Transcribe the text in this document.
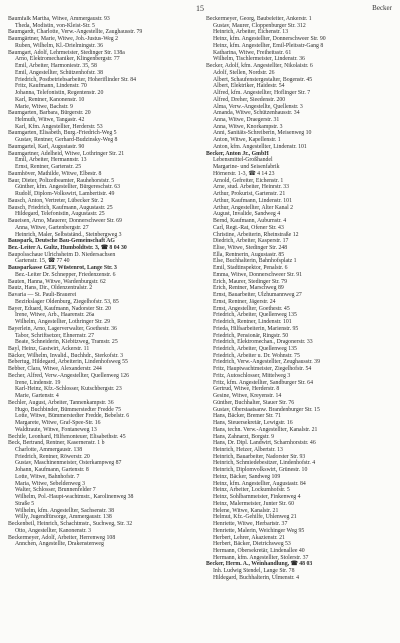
15	Becker
Baumfalk Martha, Witwe, Ammergaustr. 93
Theda, Modistin, von-Kleist-Str. 5
Baumgardt, Charlotte, Verw.-Angestellte, Zaughausstr. 79
Baumgärtner, Marie, Witwe, Joh.-Justus-Weg 2
Ruben, Wilhelm, Kl.-Drielmingstr. 36
Baumgart, Adolf, Lehrmeister, Stedinger Str. 138a
Arno, Elektromechaniker, Klingenbergstr. 77
Emil, Arbeiter, Harmoniestr. 35, 58
Emil, Angestellter, Schützenhofstr. 38
Friedrich, Postbetriebsarbeiter, Hoheriflinder Str. 84
Fritz, Kaufmann, Lindenstr. 70
Johanna, Telefonistin, Regentenstr. 20
Karl, Rentner, Kanonenstr. 10
Marie, Witwe, Bachstr. 9
Baumgarten, Barbara, Bürgerstr. 20
Helmuth, Witwe, Tangastr. 42
Karl, Kfm. Angestellter, Herderstr. 53
Baumgarten, Elisabeth, Burg.-Friedrich-Weg 5
Gustav, Rentner, Gerhard-Budzinsky-Weg 8
Baumgartel, Karl, Augustastr. 90
Baumgartner, Adelheid, Witwe, Lothringer Str. 21
Emil, Arbeiter, Hermannstr. 13
Ernst, Rentner, Gartenstr. 25
Baumhöver, Mathilde, Witwe, Elbestr. 8
Baur, Dieter, Polizeibeamter, Rauhehorststr. 5
Günther, kfm. Angestellter, Bürgereschstr. 63
Rudolf, Diplom-Volkswirt, Lambertistr. 49
Bausch, Anton, Vertreter, Lübecker Str. 2
Bausch, Friedrich, Kaufmann, Augustastr. 25
Hildegard, Telefonistin, Augustastr. 25
Baueisen, Arno, Mauerer, Donnerschweer Str. 69
Anna, Witwe, Gartenbergstr. 27
Heinrich, Maler, Selbstständ., Steinbergweg 3
Bauspark, Deutsche Bau-Gemeinschaft AG
Bez.-Leiter A. Gultz, Humboldtstr. 3, ☎ 8 04 30
Baupolsschaue Ulrichsheim D. Niedersachsen
Gartenstr. 15, ☎ 77 40
Bausparkasse GEF, Wüstenrot, Lange Str. 3
Bez.-Leiter Dr. Schnepper, Friedenzenstr. 6
Bauten, Hanna, Witwe, Wardenburgstr. 62
Bautz, Hans, Dir., Oldenzentralstr. 2
Bavaria — St. Pauli-Brauerei
Bezirkslager Oldenburg, Ziegelhofstr. 53, 85
Bayer, Eduard, Kaufmann, Nadorster Str. 20
Irene, Witwe, Arb., Haarenstr. 26a
Wilhelm, Angestellter, Lothringer Str. 29
Bayerlein, Arno, Lagerverwalter, Goethestr. 36
Tabor, Schriftsetzer, Ehnernstr. 27
Beate, Schneiderin, Kiebitzweg, Tramstr. 25
Bayl, Heinz, Gastwirt, Ackerstr. 11
Bäcker, Wilhelm, Invalid., Buchhdr., Sterkofstr. 3
Bebertug, Hildegard, Arbeiterin, Lindenhofsweg 55
Bebber, Clara, Witwe, Alexanderstr. 244
Becher, Alfred, Verw.-Angestellter, Quellenweg 126
Irene, Lindenstr. 19
Karl-Heinz, Kfz.-Schlosser, Kutschbergstr. 23
Marie, Gartenstr. 4
Bechler, August, Arbeiter, Tannenkampstr. 36
Hugo, Buchbinder, Bümmerstedter Fredde 75
Lotte, Witwe, Bümmerstedter Fredde, Bebelstr. 6
Margarete, Witwe, Graf-Spee-Str. 16
Waldtraute, Witwe, Fontaneweg 13
Bechtle, Leonhard, Hilfsmonteuer, Elisabethstr. 45
Beck, Bertrand, Rentner, Kasernenstr. 1 b
Charlotte, Ammergaustr. 138
Friedrich, Rentner, Röwerstr. 20
Gustav, Maschinenmeister, Osterkampweg 87
Johann, Kaufmann, Gartenstr. 8
Lotte, Witwe, Bahnhofstr. 7
Maria, Witwe, Sebeldenweg 3
Walter, Schlosser, Brunnenfelder 7
Wilhelm, Pol.-Haupt-wachtmstr., Karolinenweg 38
Straße 5
Wilhelm, kfm. Angestellter, Sachsenstr. 38
Willy, Jugendfürsorge, Ammergaustr. 138
Beckenbeil, Heinrich, Schachtmstr., Suchweg, Str. 32
Otto, Angestellter, Kanonenstr. 3
Beckermeyer, Adolf, Arbeiter, Herrenweg 108
Annchen, Angestellte, Drakenstenweg
Beckermeyer, Georg, Baubeleiter, Ankerstr. 1
Gustav, Maurer, Cloppenburger Str. 312
Heinrich, Arbeiter, Eichenstr. 13
Heinz, kfm. Angestellter, Donnerschweer Str. 90
Heinz, kfm. Angestellter, Emil-Pleitsstr-Gang 8
Katharina, Witwe, Freiheitsstr. 61
Wilhelm, Tischlermeister, Lindenstr. 36
Becker, Adolf, kfm. Angestellter, Nikolaistr. 6
Adolf, Stellen, Nordstr. 26
Albert, Schaufenstergestalter, Bogenstr. 45
Albert, Elektriker, Haidestr. 54
Alfred, kfm. Angestellter, Hoflinger Str. 7
Alfred, Dreher, Sieedenstr. 200
Alma, Verw.-Angestellte, Quellenstr. 3
Amanda, Witwe, Schützenhausstr. 34
Anna, Witwe, Draegerstr. 31
Anna, Witwe, Knorkampstr. 3
Anni, Sanitäts-Schreiberin, Meisenweg 10
Anton, Witwe, Kapellenstr. 1
Anton, kfm. Angestellter, Lindenstr. 101
Becker, Anton Jr., GmbH
Lebensmittel-Großhandel
Margarine- und Seisenfabrik
Hörnerstr. 1-3, ☎ 4 14 23
Arnold, Gefreiter, Eichenstr. 1
Arne, stud. Arbeiter, Heinrstr. 33
Arthur, Prokurist, Gartenstr. 21
Arthur, Kaufmann, Lindenstr. 101
Arthur, Angestellter, Alter Kanal 2
August, Invalide, Sandweg 4
Bernd, Kaufmann, Auburnstr. 4
Carl, Regt.-Rat, Ofener Str. 43
Christine, Arbeiterin, Rheinstraße 12
Diedrich, Arbeiter, Kasperstr. 17
Elise, Witwe, Stedinger Str. 248
Ella, Rentnerin, Augustastr. 85
Else, Buchhalterin, Bahnhofsplatz 1
Emil, Stadtinspektor, Penalstr. 6
Emma, Witwe, Donnerschweer Str. 91
Erich, Maurer, Stedinger Str. 79
Erich, Rentner, Marschweg 89
Ernst, Bauarbeiter, Ulzhumannweg 27
Ernst, Rentner, Jägerstr. 24
Ernst, Angestellter, Goethestr. 45
Friedrich, Arbeiter, Quellenweg 135
Friedrich, Rentner, Lindenstr. 101
Frieda, Hilfsarbeiterin, Marienstr. 95
Friedrich, Pensionär, Ringstr. 50
Friedrich, Elektromechan., Dragonerstr. 33
Friedrich, Arbeiter, Quellenweg 135
Friedrich, Arbeiter u. Dr. Wohnstr. 75
Friedrich, Verw.-Angestellter, Zeughausstr. 39
Fritz, Hauptwachtmeister, Ziegelhofstr. 54
Fritz, Autoschlosser, Mittelweg 3
Fritz, kfm. Angestellter, Sandburger Str. 64
Gertrud, Witwe, Herderstr. 8
Gesine, Witwe, Kreyenstr. 14
Günther, Buchhalter, Stauer Str. 76
Gustav, Oberstaatsanw. Brandenburger Str. 15
Hans, Bäcker, Bremer Str. 71
Hans, Steuersekretär, Lewigstr. 16
Hans, techn. Verw.-Angestellter, Kanalstr. 21
Hans, Zahnarzt, Borgstr. 9
Hans, Dr. Dipl. Landwirt, Scharnhorststr. 46
Heinrich, Heizer, Albertstr. 13
Heinrich, Bauarbeiter, Nadorster Str. 93
Heinrich, Schmiedebesitzer, Lindenhofstr. 4
Heinrich, Diplomvolkswirt, Grünestr. 10
Heinz, Bäcker, Sandweg 109
Heinz, kfm. Angestellter, Augustastr. 84
Heinz, Arbeiter, Lockumhofstr. 5
Heinz, Sohlbarnmeister, Finkenweg 4
Heinz, Malermeister, Junter Str. 60
Helene, Witwe, Kanalstr. 21
Helmut, Kfz.-Gehilfe, Uhlenweg 21
Henriette, Witwe, Herbartstr. 37
Henriette, Malerin, Weichinger Weg 95
Herbert, Lehrer, Akazienstr. 21
Herbert, Bäcker, Dietrichsweg 53
Hermann, Obersekretär, Lindenallee 40
Hermann, kfm. Angestellter, Stolerstr. 37
Becker, Herm. A., Weinhandlung, ☎ 48 03
Inh. Ludwig Stendel, Lange Str. 78
Hildegard, Buchhalterin, Ulmenstr. 4
